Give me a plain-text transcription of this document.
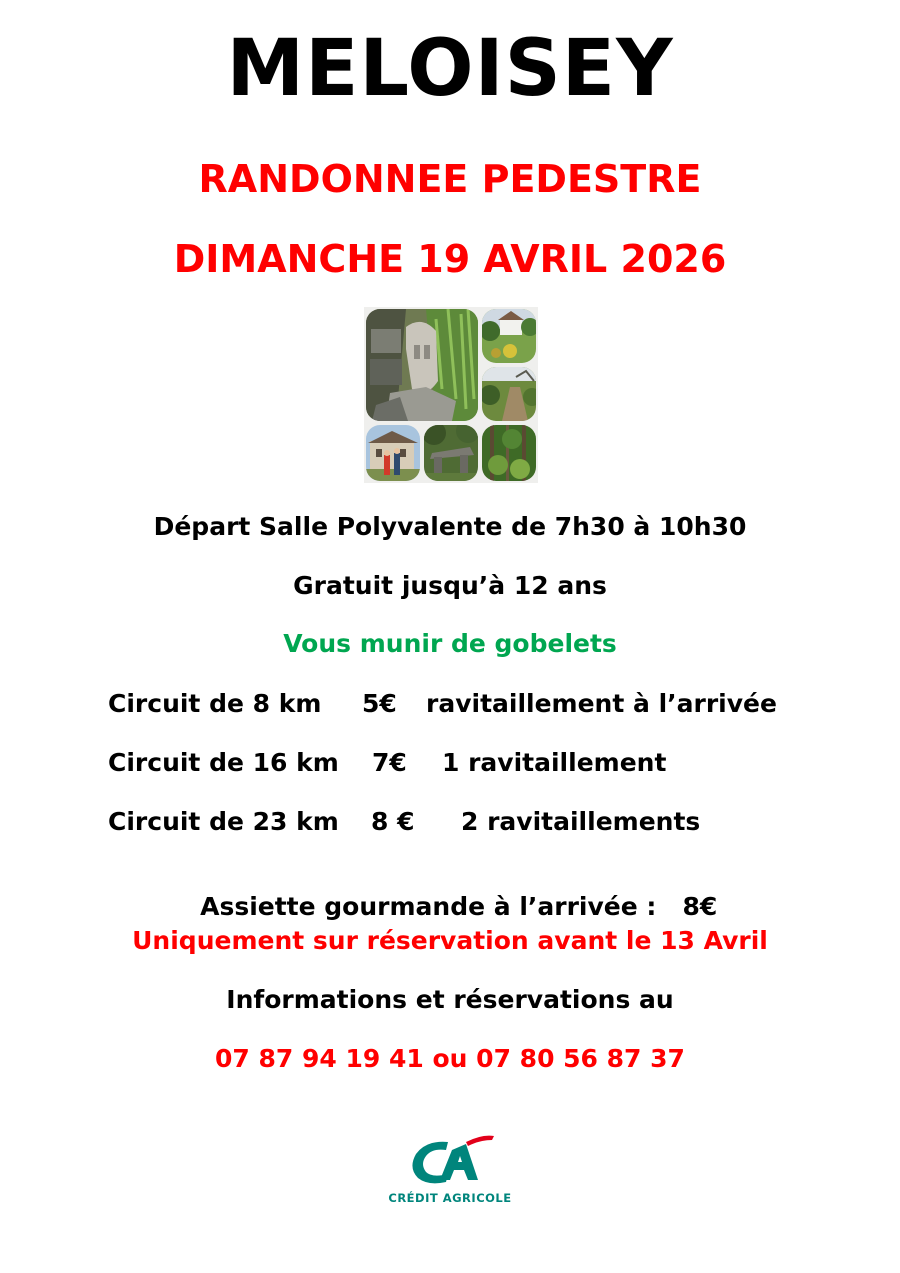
MELOISEY
RANDONNEE PEDESTRE
DIMANCHE 19 AVRIL 2026
Départ Salle Polyvalente de 7h30 à 10h30
Gratuit jusqu’à 12 ans
Vous munir de gobelets

Circuit de 8 km

5€

ravitaillement à l’arrivée

Circuit de 16 km

7€

1 ravitaillement

Circuit de 23 km

8 €

2 ravitaillements

Assiette gourmande à l’arrivée : 8€

Uniquement sur réservation avant le 13 Avril
Informations et réservations au
07 87 94 19 41 ou 07 80 56 87 37
CRÉDIT AGRICOLE
